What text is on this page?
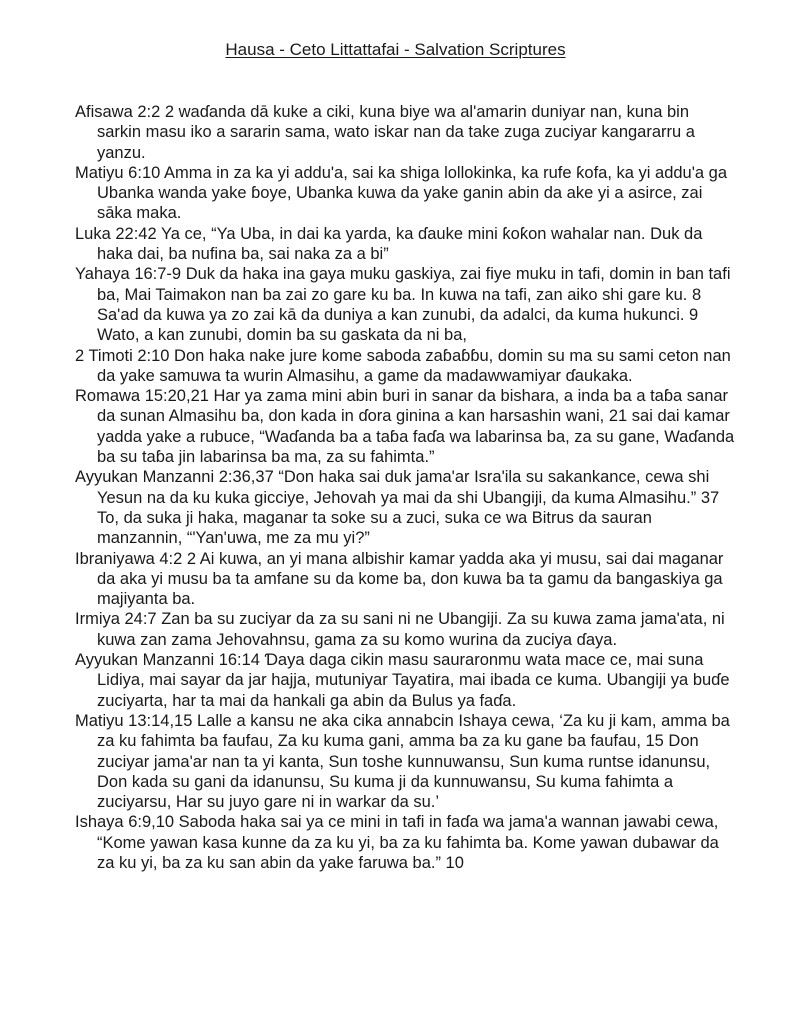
Hausa - Ceto Littattafai - Salvation Scriptures

Afisawa 2:2 2 waɗanda dā kuke a ciki, kuna biye wa al'amarin duniyar nan, kuna bin sarkin masu iko a sararin sama, wato iskar nan da take zuga zuciyar kangararru a yanzu.

Matiyu 6:10 Amma in za ka yi addu'a, sai ka shiga lollokinka, ka rufe ƙofa, ka yi addu'a ga Ubanka wanda yake ɓoye, Ubanka kuwa da yake ganin abin da ake yi a asirce, zai sāka maka.

Luka 22:42 Ya ce, “Ya Uba, in dai ka yarda, ka ɗauke mini ƙoƙon wahalar nan. Duk da haka dai, ba nufina ba, sai naka za a bi”

Yahaya 16:7-9 Duk da haka ina gaya muku gaskiya, zai fiye muku in tafi, domin in ban tafi ba, Mai Taimakon nan ba zai zo gare ku ba. In kuwa na tafi, zan aiko shi gare ku. 8 Sa'ad da kuwa ya zo zai kā da duniya a kan zunubi, da adalci, da kuma hukunci. 9 Wato, a kan zunubi, domin ba su gaskata da ni ba,

2 Timoti 2:10 Don haka nake jure kome saboda zaɓaɓɓu, domin su ma su sami ceton nan da yake samuwa ta wurin Almasihu, a game da madawwamiyar ɗaukaka.

Romawa 15:20,21 Har ya zama mini abin buri in sanar da bishara, a inda ba a taɓa sanar da sunan Almasihu ba, don kada in ɗora ginina a kan harsashin wani, 21 sai dai kamar yadda yake a rubuce, “Waɗanda ba a taɓa faɗa wa labarinsa ba, za su gane, Waɗanda ba su taɓa jin labarinsa ba ma, za su fahimta.”

Ayyukan Manzanni 2:36,37 “Don haka sai duk jama'ar Isra'ila su sakankance, cewa shi Yesun na da ku kuka gicciye, Jehovah ya mai da shi Ubangiji, da kuma Almasihu.” 37 To, da suka ji haka, maganar ta soke su a zuci, suka ce wa Bitrus da sauran manzannin, “'Yan'uwa, me za mu yi?”

Ibraniyawa 4:2 2 Ai kuwa, an yi mana albishir kamar yadda aka yi musu, sai dai maganar da aka yi musu ba ta amfane su da kome ba, don kuwa ba ta gamu da bangaskiya ga majiyanta ba.

Irmiya 24:7 Zan ba su zuciyar da za su sani ni ne Ubangiji. Za su kuwa zama jama'ata, ni kuwa zan zama Jehovahnsu, gama za su komo wurina da zuciya ɗaya.

Ayyukan Manzanni 16:14 Ɗaya daga cikin masu sauraronmu wata mace ce, mai suna Lidiya, mai sayar da jar hajja, mutuniyar Tayatira, mai ibada ce kuma. Ubangiji ya buɗe zuciyarta, har ta mai da hankali ga abin da Bulus ya faɗa.

Matiyu 13:14,15 Lalle a kansu ne aka cika annabcin Ishaya cewa, ‘Za ku ji kam, amma ba za ku fahimta ba faufau, Za ku kuma gani, amma ba za ku gane ba faufau, 15 Don zuciyar jama'ar nan ta yi kanta, Sun toshe kunnuwansu, Sun kuma runtse idanunsu, Don kada su gani da idanunsu, Su kuma ji da kunnuwansu, Su kuma fahimta a zuciyarsu, Har su juyo gare ni in warkar da su.’

Ishaya 6:9,10 Saboda haka sai ya ce mini in tafi in faɗa wa jama'a wannan jawabi cewa, “Kome yawan kasa kunne da za ku yi, ba za ku fahimta ba. Kome yawan dubawar da za ku yi, ba za ku san abin da yake faruwa ba.” 10
